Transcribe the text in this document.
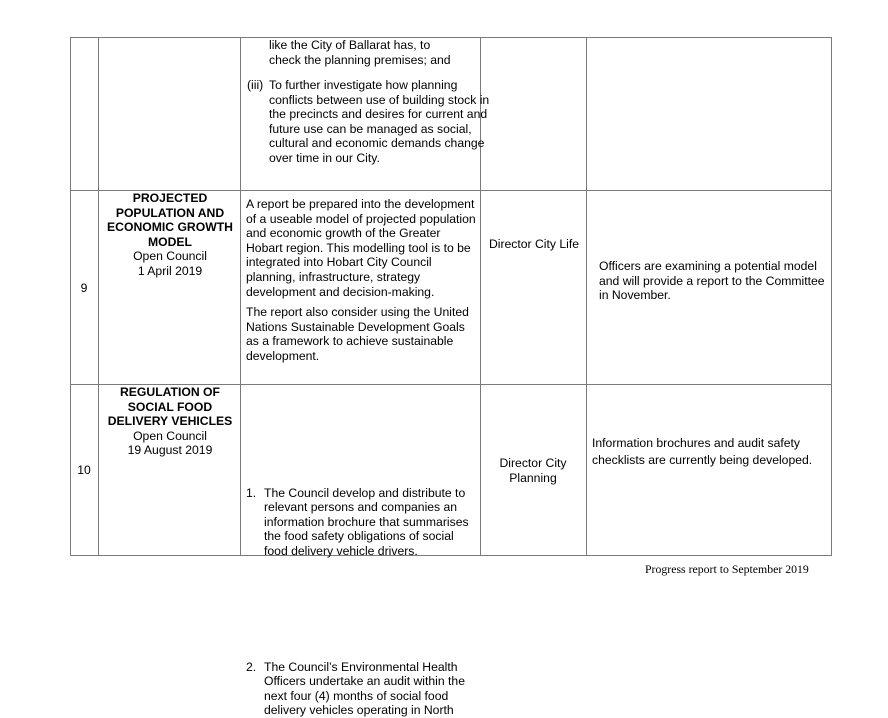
like the City of Ballarat has, to
check the planning premises; and
(iii) To further investigate how planning conflicts between use of building stock in the precincts and desires for current and future use can be managed as social, cultural and economic demands change over time in our City.
9
PROJECTED POPULATION AND ECONOMIC GROWTH MODEL
Open Council
1 April 2019

A report be prepared into the development of a useable model of projected population and economic growth of the Greater Hobart region. This modelling tool is to be integrated into Hobart City Council planning, infrastructure, strategy development and decision-making.

The report also consider using the United Nations Sustainable Development Goals as a framework to achieve sustainable development.

Director City Life
Officers are examining a potential model and will provide a report to the Committee in November.
10
REGULATION OF SOCIAL FOOD DELIVERY VEHICLES
Open Council
19 August 2019
1. The Council develop and distribute to relevant persons and companies an information brochure that summarises the food safety obligations of social food delivery vehicle drivers.
2. The Council’s Environmental Health Officers undertake an audit within the next four (4) months of social food delivery vehicles operating in North
Director City Planning
Information brochures and audit safety checklists are currently being developed.
Progress report to September 2019
